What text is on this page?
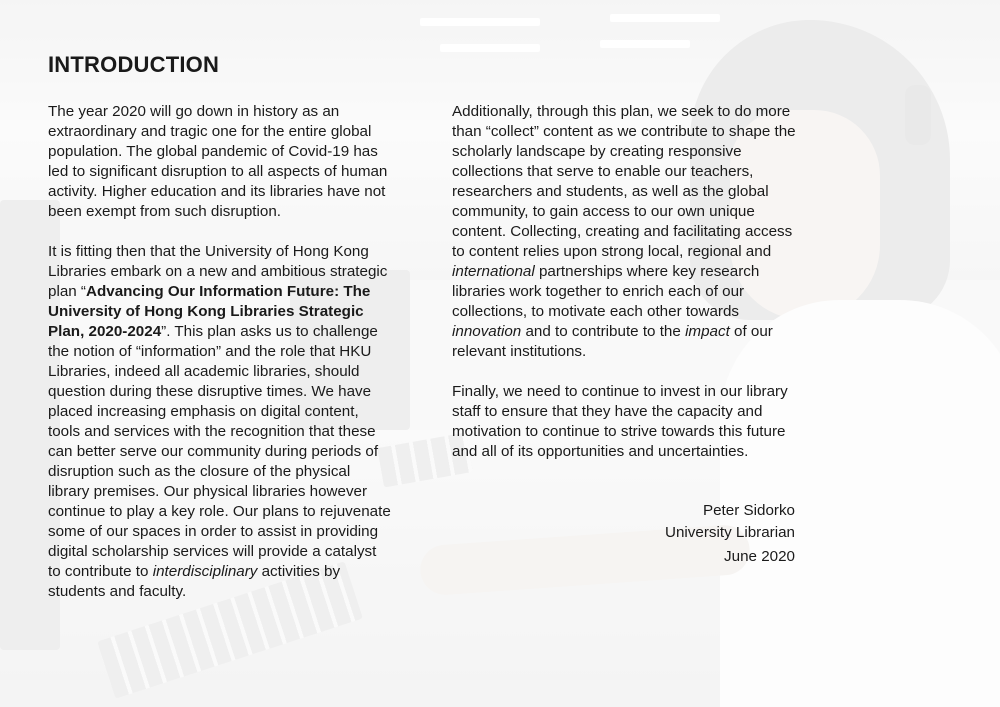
INTRODUCTION

The year 2020 will go down in history as an extraordinary and tragic one for the entire global population. The global pandemic of Covid-19 has led to significant disruption to all aspects of human activity. Higher education and its libraries have not been exempt from such disruption.

It is fitting then that the University of Hong Kong Libraries embark on a new and ambitious strategic plan “Advancing Our Information Future: The University of Hong Kong Libraries Strategic Plan, 2020-2024”. This plan asks us to challenge the notion of “information” and the role that HKU Libraries, indeed all academic libraries, should question during these disruptive times. We have placed increasing emphasis on digital content, tools and services with the recognition that these can better serve our community during periods of disruption such as the closure of the physical library premises. Our physical libraries however continue to play a key role. Our plans to rejuvenate some of our spaces in order to assist in providing digital scholarship services will provide a catalyst to contribute to interdisciplinary activities by students and faculty.

Additionally, through this plan, we seek to do more than “collect” content as we contribute to shape the scholarly landscape by creating responsive collections that serve to enable our teachers, researchers and students, as well as the global community, to gain access to our own unique content. Collecting, creating and facilitating access to content relies upon strong local, regional and international partnerships where key research libraries work together to enrich each of our collections, to motivate each other towards innovation and to contribute to the impact of our relevant institutions.

Finally, we need to continue to invest in our library staff to ensure that they have the capacity and motivation to continue to strive towards this future and all of its opportunities and uncertainties.

Peter Sidorko
University Librarian
June 2020
